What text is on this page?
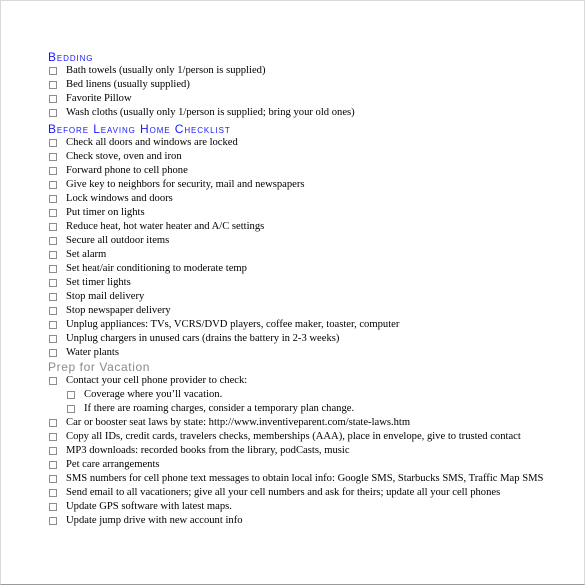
Bedding
Bath towels (usually only 1/person is supplied)
Bed linens (usually supplied)
Favorite Pillow
Wash cloths (usually only 1/person is supplied; bring your old ones)
Before Leaving Home Checklist
Check all doors and windows are locked
Check stove, oven and iron
Forward phone to cell phone
Give key to neighbors for security, mail and newspapers
Lock windows and doors
Put timer on lights
Reduce heat, hot water heater and A/C settings
Secure all outdoor items
Set alarm
Set heat/air conditioning to moderate temp
Set timer lights
Stop mail delivery
Stop newspaper delivery
Unplug appliances: TVs, VCRS/DVD players, coffee maker, toaster, computer
Unplug chargers in unused cars (drains the battery in 2-3 weeks)
Water plants
Prep for Vacation
Contact your cell phone provider to check:
Coverage where you’ll vacation.
If there are roaming charges, consider a temporary plan change.
Car or booster seat laws by state: http://www.inventiveparent.com/state-laws.htm
Copy all IDs, credit cards, travelers checks, memberships (AAA), place in envelope, give to trusted contact
MP3 downloads: recorded books from the library, podCasts, music
Pet care arrangements
SMS numbers for cell phone text messages to obtain local info: Google SMS, Starbucks SMS, Traffic Map SMS
Send email to all vacationers; give all your cell numbers and ask for theirs; update all your cell phones
Update GPS software with latest maps.
Update jump drive with new account info
